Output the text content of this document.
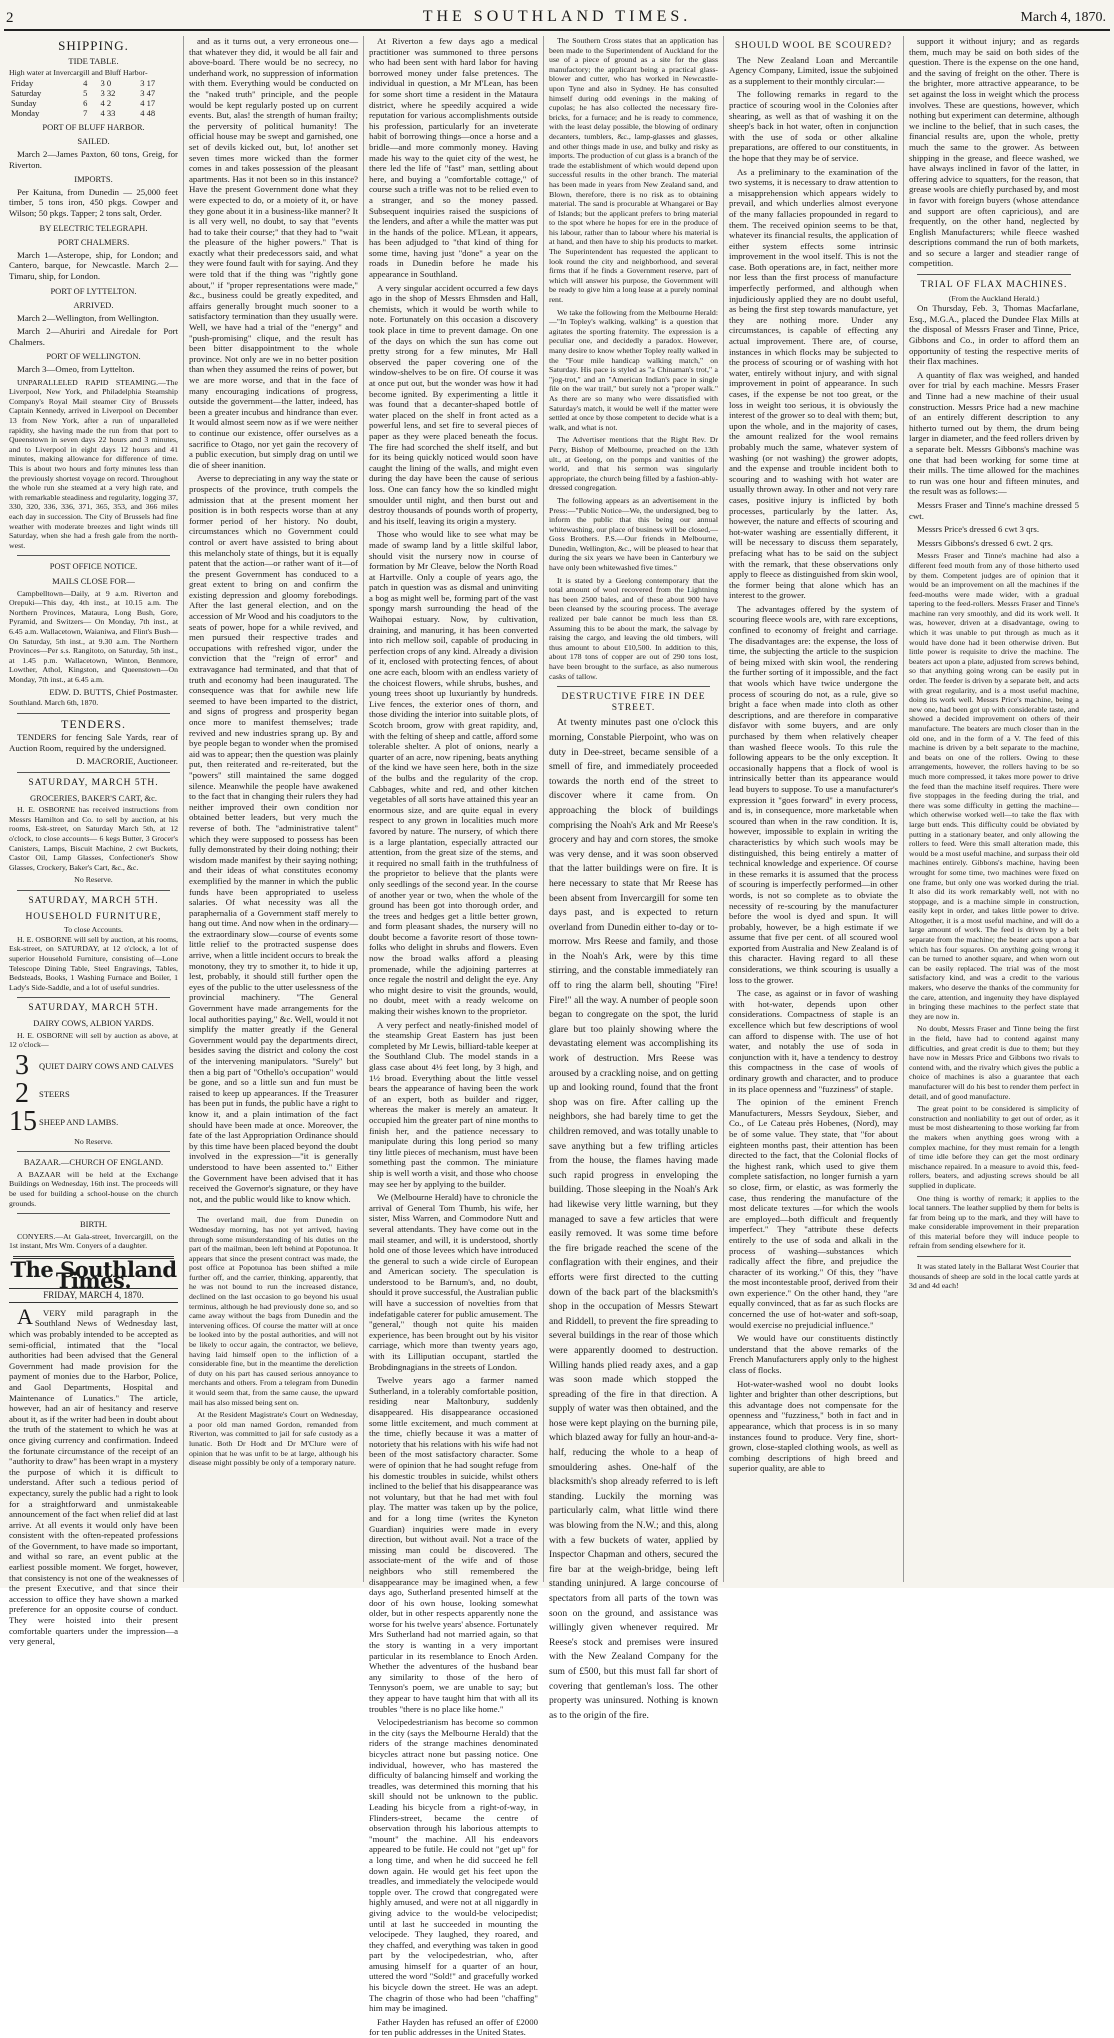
2	THE SOUTHLAND TIMES.	March 4, 1870.
SHIPPING.
TIDE TABLE.
High water at Invercargill and Bluff Harbor-
Friday	4	3 0	3 17
Saturday	5	3 32	3 47
Sunday	6	4 2	4 17
Monday	7	4 33	4 48
PORT OF BLUFF HARBOR.
SAILED.

March 2—James Paxton, 60 tons, Greig, for Riverton.

IMPORTS.

Per Kaituna, from Dunedin — 25,000 feet timber, 5 tons iron, 450 pkgs. Cowper and Wilson; 50 pkgs. Tapper; 2 tons salt, Order.

BY ELECTRIC TELEGRAPH.
PORT CHALMERS.

March 1—Asterope, ship, for London; and Cantero, barque, for Newcastle. March 2—Timaru, ship, for London.

PORT OF LYTTELTON.
ARRIVED.

March 2—Wellington, from Wellington.

March 2—Ahuriri and Airedale for Port Chalmers.

PORT OF WELLINGTON.

March 3—Omeo, from Lyttelton.

UNPARALLELED RAPID STEAMING.—The Liverpool, New York, and Philadelphia Steamship Company's Royal Mail steamer City of Brussels Captain Kennedy, arrived in Liverpool on December 13 from New York, after a run of unparalleled rapidity, she having made the run from that port to Queenstown in seven days 22 hours and 3 minutes, and to Liverpool in eight days 12 hours and 41 minutes, making allowance for difference of time. This is about two hours and forty minutes less than the previously shortest voyage on record. Throughout the whole run she steamed at a very high rate, and with remarkable steadiness and regularity, logging 37, 330, 320, 336, 336, 371, 365, 353, and 366 miles each day in succession. The City of Brussels had fine weather with moderate breezes and light winds till Saturday, when she had a fresh gale from the north-west.

POST OFFICE NOTICE.
MAILS CLOSE FOR—

Campbelltown—Daily, at 9 a.m. Riverton and Orepuki—This day, 4th inst., at 10.15 a.m. The Northern Provinces, Mataura, Long Bush, Gore, Pyramid, and Switzers— On Monday, 7th inst., at 6.45 a.m. Wallacetown, Waianiwa, and Flint's Bush—On Saturday, 5th inst., at 9.30 a.m. The Northern Provinces—Per s.s. Rangitoto, on Saturday, 5th inst., at 1.45 p.m. Wallacetown, Winton, Benmore, Lowther, Athol, Kingston, and Queenstown—On Monday, 7th inst., at 6.45 a.m.

EDW. D. BUTTS, Chief Postmaster.
Southland. March 6th, 1870.
TENDERS.

TENDERS for fencing Sale Yards, rear of Auction Room, required by the undersigned.

D. MACRORIE, Auctioneer.
SATURDAY, MARCH 5TH.
GROCERIES, BAKER'S CART, &c.

H. E. OSBORNE has received instructions from Messrs Hamilton and Co. to sell by auction, at his rooms, Esk-street, on Saturday March 5th, at 12 o'clock, to close accounts— 6 kegs Butter, 3 Grocer's Canisters, Lamps, Biscuit Machine, 2 cwt Buckets, Castor Oil, Lamp Glasses, Confectioner's Show Glasses, Crockery, Baker's Cart, &c., &c.

No Reserve.
SATURDAY, MARCH 5TH.
HOUSEHOLD FURNITURE,
To close Accounts.

H. E. OSBORNE will sell by auction, at his rooms, Esk-street, on SATURDAY, at 12 o'clock, a lot of superior Household Furniture, consisting of—Lone Telescope Dining Table, Steel Engravings, Tables, Bedsteads, Books, 1 Washing Furnace and Boiler, 1 Lady's Side-Saddle, and a lot of useful sundries.

SATURDAY, MARCH 5TH.
DAIRY COWS, ALBION YARDS.

H. E. OSBORNE will sell by auction as above, at 12 o'clock—

3	QUIET DAIRY COWS AND CALVES
2	STEERS
15 SHEEP AND LAMBS.
No Reserve.
BAZAAR.—CHURCH OF ENGLAND.

A BAZAAR will be held at the Exchange Buildings on Wednesday, 16th inst. The proceeds will be used for building a school-house on the church grounds.

BIRTH.

CONYERS.—At Gala-street, Invercargill, on the 1st instant, Mrs Wm. Conyers of a daughter.

The Southland Times.
FRIDAY, MARCH 4, 1870.

AVERY mild paragraph in the Southland News of Wednesday last, which was probably intended to be accepted as semi-official, intimated that the "local authorities had been advised that the General Government had made provision for the payment of monies due to the Harbor, Police, and Gaol Departments, Hospital and Maintenance of Lunatics." The article, however, had an air of hesitancy and reserve about it, as if the writer had been in doubt about the truth of the statement to which he was at once giving currency and confirmation. Indeed the fortunate circumstance of the receipt of an "authority to draw" has been wrapt in a mystery the purpose of which it is difficult to understand. After such a tedious period of expectancy, surely the public had a right to look for a straightforward and unmistakeable announcement of the fact when relief did at last arrive. At all events it would only have been consistent with the often-repeated professions of the Government, to have made so important, and withal so rare, an event public at the earliest possible moment. We forget, however, that consistency is not one of the weaknesses of the present Executive, and that since their accession to office they have shown a marked preference for an opposite course of conduct. They were hoisted into their present comfortable quarters under the impression—a very general,

and as it turns out, a very erroneous one—that whatever they did, it would be all fair and above-board. There would be no secrecy, no underhand work, no suppression of information with them. Everything would be conducted on the "naked truth" principle, and the people would be kept regularly posted up on current events. But, alas! the strength of human frailty; the perversity of political humanity! The official house may be swept and garnished, one set of devils kicked out, but, lo! another set seven times more wicked than the former comes in and takes possession of the pleasant apartments. Has it not been so in this instance? Have the present Government done what they were expected to do, or a moiety of it, or have they gone about it in a business-like manner? It is all very well, no doubt, to say that "events had to take their course;" that they had to "wait the pleasure of the higher powers." That is exactly what their predecessors said, and what they were found fault with for saying. And they were told that if the thing was "rightly gone about," if "proper representations were made," &c., business could be greatly expedited, and affairs generally brought much sooner to a satisfactory termination than they usually were. Well, we have had a trial of the "energy" and "push-promising" clique, and the result has been bitter disappointment to the whole province. Not only are we in no better position than when they assumed the reins of power, but we are more worse, and that in the face of many encouraging indications of progress, outside the government—the latter, indeed, has been a greater incubus and hindrance than ever. It would almost seem now as if we were neither to continue our existence, offer ourselves as a sacrifice to Otago, nor yet gain the recovery of a public execution, but simply drag on until we die of sheer inanition.

Averse to depreciating in any way the state or prospects of the province, truth compels the admission that at the present moment her position is in both respects worse than at any former period of her history. No doubt, circumstances which no Government could control or avert have assisted to bring about this melancholy state of things, but it is equally patent that the action—or rather want of it—of the present Government has conduced to a great extent to bring on and confirm the existing depression and gloomy forebodings. After the last general election, and on the accession of Mr Wood and his coadjutors to the seats of power, hope for a while revived, and men pursued their respective trades and occupations with refreshed vigor, under the conviction that the "reign of error" and extravagance had terminated, and that that of truth and economy had been inaugurated. The consequence was that for awhile new life seemed to have been imparted to the district, and signs of progress and prosperity began once more to manifest themselves; trade revived and new industries sprang up. By and bye people began to wonder when the promised aid was to appear; then the question was plainly put, then reiterated and re-reiterated, but the "powers" still maintained the same dogged silence. Meanwhile the people have awakened to the fact that in changing their rulers they had neither improved their own condition nor obtained better leaders, but very much the reverse of both. The "administrative talent" which they were supposed to possess has been fully demonstrated by their doing nothing; their wisdom made manifest by their saying nothing; and their ideas of what constitutes economy exemplified by the manner in which the public funds have been appropriated to useless salaries. Of what necessity was all the paraphernalia of a Government staff merely to hang out time. And now when in the ordinary—the extraordinary slow—course of events some little relief to the protracted suspense does arrive, when a little incident occurs to break the monotony, they try to smother it, to hide it up, lest, probably, it should still further open the eyes of the public to the utter uselessness of the provincial machinery. "The General Government have made arrangements for the local authorities paying," &c. Well, would it not simplify the matter greatly if the General Government would pay the departments direct, besides saving the district and colony the cost of the intervening manipulators. "Surely" but then a big part of "Othello's occupation" would be gone, and so a little sun and fun must be raised to keep up appearances. If the Treasurer has been put in funds, the public have a right to know it, and a plain intimation of the fact should have been made at once. Moreover, the fate of the last Appropriation Ordinance should by this time have been placed beyond the doubt involved in the expression—"it is generally understood to have been assented to." Either the Government have been advised that it has received the Governor's signature, or they have not, and the public would like to know which.

The overland mail, due from Dunedin on Wednesday morning, has not yet arrived, having through some misunderstanding of his duties on the part of the mailman, been left behind at Popotunoa. It appears that since the present contract was made, the post office at Popotunoa has been shifted a mile further off, and the carrier, thinking, apparently, that he was not bound to run the increased distance, declined on the last occasion to go beyond his usual terminus, although he had previously done so, and so came away without the bags from Dunedin and the intervening offices. Of course the matter will at once be looked into by the postal authorities, and will not be likely to occur again, the contractor, we believe, having laid himself open to the infliction of a considerable fine, but in the meantime the dereliction of duty on his part has caused serious annoyance to merchants and others. From a telegram from Dunedin it would seem that, from the same cause, the upward mail has also missed being sent on.

At the Resident Magistrate's Court on Wednesday, a poor old man named Gordon, remanded from Riverton, was committed to jail for safe custody as a lunatic. Both Dr Hodt and Dr M'Clure were of opinion that he was unfit to be at large, although his disease might possibly be only of a temporary nature.

At Riverton a few days ago a medical practitioner was summoned to three persons who had been sent with hard labor for having borrowed money under false pretences. The individual in question, a Mr M'Lean, has been for some short time a resident in the Mataura district, where he speedily acquired a wide reputation for various accomplishments outside his profession, particularly for an inveterate habit of borrowing things—once a horse and a bridle—and more commonly money. Having made his way to the quiet city of the west, he there led the life of "fast" man, settling about here, and buying a "comfortable cottage," of course such a trifle was not to be relied even to a stranger, and so the money passed. Subsequent inquiries raised the suspicions of the lenders, and after a while the matter was put in the hands of the police. M'Lean, it appears, has been adjudged to "that kind of thing for some time, having just "done" a year on the roads in Dunedin before he made his appearance in Southland.

A very singular accident occurred a few days ago in the shop of Messrs Ehmsden and Hall, chemists, which it would be worth while to note. Fortunately on this occasion a discovery took place in time to prevent damage. On one of the days on which the sun has come out pretty strong for a few minutes, Mr Hall observed the paper covering one of the window-shelves to be on fire. Of course it was at once put out, but the wonder was how it had become ignited. By experimenting a little it was found that a decanter-shaped bottle of water placed on the shelf in front acted as a powerful lens, and set fire to several pieces of paper as they were placed beneath the focus. The fire had scorched the shelf itself, and but for its being quickly noticed would soon have caught the lining of the walls, and might even during the day have been the cause of serious loss. One can fancy how the so kindled might smoulder until night, and then burst out and destroy thousands of pounds worth of property, and his itself, leaving its origin a mystery.

Those who would like to see what may be made of swamp land by a little skilful labor, should visit the nursery now in course of formation by Mr Cleave, below the North Road at Hartville. Only a couple of years ago, the patch in question was as dismal and uninviting a bog as might well be, forming part of the vast spongy marsh surrounding the head of the Waihopai estuary. Now, by cultivation, draining, and manuring, it has been converted into rich mellow soil, capable of producing in perfection crops of any kind. Already a division of it, enclosed with protecting fences, of about one acre each, bloom with an endless variety of the choicest flowers, while shrubs, bushes, and young trees shoot up luxuriantly by hundreds. Live fences, the exterior ones of thorn, and those dividing the interior into suitable plots, of Scotch broom, grow with great rapidity, and, with the felting of sheep and cattle, afford some tolerable shelter. A plot of onions, nearly a quarter of an acre, now ripening, beats anything of the kind we have seen here, both in the size of the bulbs and the regularity of the crop. Cabbages, white and red, and other kitchen vegetables of all sorts have attained this year an enormous size, and are quite equal in every respect to any grown in localities much more favored by nature. The nursery, of which there is a large plantation, especially attracted our attention, from the great size of the stems, and it required no small faith in the truthfulness of the proprietor to believe that the plants were only seedlings of the second year. In the course of another year or two, when the whole of the ground has been got into thorough order, and the trees and hedges get a little better grown, and form pleasant shades, the nursery will no doubt become a favorite resort of those town-folks who delight in shrubs and flowers. Even now the broad walks afford a pleasing promenade, while the adjoining parterres at once regale the nostril and delight the eye. Any who might desire to visit the grounds, would, no doubt, meet with a ready welcome on making their wishes known to the proprietor.

A very perfect and neatly-finished model of the steamship Great Eastern has just been completed by Mr Lewis, billiard-table keeper at the Southland Club. The model stands in a glass case about 4½ feet long, by 3 high, and 1½ broad. Everything about the little vessel bears the appearance of having been the work of an expert, both as builder and rigger, whereas the maker is merely an amateur. It occupied him the greater part of nine months to finish her, and the patience necessary to manipulate during this long period so many tiny little pieces of mechanism, must have been something past the common. The miniature ship is well worth a visit, and those who choose may see her by applying to the builder.

We (Melbourne Herald) have to chronicle the arrival of General Tom Thumb, his wife, her sister, Miss Warren, and Commodore Nutt and several attendants. They have come out in the mail steamer, and will, it is understood, shortly hold one of those levees which have introduced the general to such a wide circle of European and American society. The speculation is understood to be Barnum's, and, no doubt, should it prove successful, the Australian public will have a succession of novelties from that indefatigable caterer for public amusement. The "general," though not quite his maiden experience, has been brought out by his visitor carriage, which more than twenty years ago, with its Lilliputian occupant, startled the Brobdingnagians in the streets of London.

Twelve years ago a farmer named Sutherland, in a tolerably comfortable position, residing near Maltonbury, suddenly disappeared. His disappearance occasioned some little excitement, and much comment at the time, chiefly because it was a matter of notoriety that his relations with his wife had not been of the most satisfactory character. Some were of opinion that he had sought refuge from his domestic troubles in suicide, whilst others inclined to the belief that his disappearance was not voluntary, but that he had met with foul play. The matter was taken up by the police, and for a long time (writes the Kyneton Guardian) inquiries were made in every direction, but without avail. Not a trace of the missing man could be discovered. The associate-ment of the wife and of those neighbors who still remembered the disappearance may be imagined when, a few days ago, Sutherland presented himself at the door of his own house, looking somewhat older, but in other respects apparently none the worse for his twelve years' absence. Fortunately Mrs Sutherland had not married again, so that the story is wanting in a very important particular in its resemblance to Enoch Arden. Whether the adventures of the husband bear any similarity to those of the hero of Tennyson's poem, we are unable to say; but they appear to have taught him that with all its troubles "there is no place like home."

Velocipedestrianism has become so common in the city (says the Melbourne Herald) that the riders of the strange machines denominated bicycles attract none but passing notice. One individual, however, who has mastered the difficulty of balancing himself and working the treadles, was determined this morning that his skill should not be unknown to the public. Leading his bicycle from a right-of-way, in Flinders-street, became the centre of observation through his laborious attempts to "mount" the machine. All his endeavors appeared to be futile. He could not "get up" for a long time, and when he did succeed he fell down again. He would get his feet upon the treadles, and immediately the velocipede would topple over. The crowd that congregated were highly amused, and were not at all niggardly in giving advice to the would-be velocipedist; until at last he succeeded in mounting the velocipede. They laughed, they roared, and they chaffed, and everything was taken in good part by the velocipedestrian, who, after amusing himself for a quarter of an hour, uttered the word "Sold!" and gracefully worked his bicycle down the street. He was an adept. The chagrin of those who had been "chaffing" him may be imagined.

Father Hayden has refused an offer of £2000 for ten public addresses in the United States.

The Southern Cross states that an application has been made to the Superintendent of Auckland for the use of a piece of ground as a site for the glass manufactory; the applicant being a practical glass-blower and cutter, who has worked in Newcastle-upon Tyne and also in Sydney. He has consulted himself during odd evenings in the making of cupolas; he has also collected the necessary fire-bricks, for a furnace; and he is ready to commence, with the least delay possible, the blowing of ordinary decanters, tumblers, &c., lamp-glasses and glasses, and other things made in use, and bulky and risky as imports. The production of cut glass is a branch of the trade the establishment of which would depend upon successful results in the other branch. The material has been made in years from New Zealand sand, and Blown, therefore, there is no risk as to obtaining material. The sand is procurable at Whangarei or Bay of Islands; but the applicant prefers to bring material to the spot where he hopes for ere in the produce of his labour, rather than to labour where his material is at hand, and then have to ship his products to market. The Superintendent has requested the applicant to look round the city and neighborhood, and several firms that if he finds a Government reserve, part of which will answer his purpose, the Government will be ready to give him a long lease at a purely nominal rent.

We take the following from the Melbourne Herald:—"In Topley's walking, walking" is a question that agitates the sporting fraternity. The expression is a peculiar one, and decidedly a paradox. However, many desire to know whether Topley really walked in the "Four mile handicap walking match," on Saturday. His pace is styled as "a Chinaman's trot," a "jog-trot," and an "American Indian's pace in single file on the war trail," but surely not a "proper walk." As there are so many who were dissatisfied with Saturday's match, it would be well if the matter were settled at once by those competent to decide what is a walk, and what is not.

The Advertiser mentions that the Right Rev. Dr Perry, Bishop of Melbourne, preached on the 13th ult., at Geelong, on the pomps and vanities of the world, and that his sermon was singularly appropriate, the church being filled by a fashion-ably-dressed congregation.

The following appears as an advertisement in the Press:—"Public Notice—We, the undersigned, beg to inform the public that this being our annual whitewashing, our place of business will be closed,—Goss Brothers. P.S.—Our friends in Melbourne, Dunedin, Wellington, &c., will be pleased to hear that during the six years we have been in Canterbury we have only been whitewashed five times."

It is stated by a Geelong contemporary that the total amount of wool recovered from the Lightning has been 2500 bales, and of these about 900 have been cleansed by the scouring process. The average realized per bale cannot be much less than £8. Assuming this to be about the mark, the salvage by raising the cargo, and leaving the old timbers, will thus amount to about £10,500. In addition to this, about 178 tons of copper are out of 290 tons lost, have been brought to the surface, as also numerous casks of tallow.

DESTRUCTIVE FIRE IN DEE STREET.

At twenty minutes past one o'clock this morning, Constable Pierpoint, who was on duty in Dee-street, became sensible of a smell of fire, and immediately proceeded towards the north end of the street to discover where it came from. On approaching the block of buildings comprising the Noah's Ark and Mr Reese's grocery and hay and corn stores, the smoke was very dense, and it was soon observed that the latter buildings were on fire. It is here necessary to state that Mr Reese has been absent from Invercargill for some ten days past, and is expected to return overland from Dunedin either to-day or to-morrow. Mrs Reese and family, and those in the Noah's Ark, were by this time stirring, and the constable immediately ran off to ring the alarm bell, shouting "Fire! Fire!" all the way. A number of people soon began to congregate on the spot, the lurid glare but too plainly showing where the devastating element was accomplishing its work of destruction. Mrs Reese was aroused by a crackling noise, and on getting up and looking round, found that the front shop was on fire. After calling up the neighbors, she had barely time to get the children removed, and was totally unable to save anything but a few trifling articles from the house, the flames having made such rapid progress in enveloping the building. Those sleeping in the Noah's Ark had likewise very little warning, but they managed to save a few articles that were easily removed. It was some time before the fire brigade reached the scene of the conflagration with their engines, and their efforts were first directed to the cutting down of the back part of the blacksmith's shop in the occupation of Messrs Stewart and Riddell, to prevent the fire spreading to several buildings in the rear of those which were apparently doomed to destruction. Willing hands plied ready axes, and a gap was soon made which stopped the spreading of the fire in that direction. A supply of water was then obtained, and the hose were kept playing on the burning pile, which blazed away for fully an hour-and-a-half, reducing the whole to a heap of smouldering ashes. One-half of the blacksmith's shop already referred to is left standing. Luckily the morning was particularly calm, what little wind there was blowing from the N.W.; and this, along with a few buckets of water, applied by Inspector Chapman and others, secured the fire bar at the weigh-bridge, being left standing uninjured. A large concourse of spectators from all parts of the town was soon on the ground, and assistance was willingly given whenever required. Mr Reese's stock and premises were insured with the New Zealand Company for the sum of £500, but this must fall far short of covering that gentleman's loss. The other property was uninsured. Nothing is known as to the origin of the fire.

SHOULD WOOL BE SCOURED?

The New Zealand Loan and Mercantile Agency Company, Limited, issue the subjoined as a supplement to their monthly circular:—

The following remarks in regard to the practice of scouring wool in the Colonies after shearing, as well as that of washing it on the sheep's back in hot water, often in conjunction with the use of soda or other alkaline preparations, are offered to our constituents, in the hope that they may be of service.

As a preliminary to the examination of the two systems, it is necessary to draw attention to a misapprehension which appears widely to prevail, and which underlies almost everyone of the many fallacies propounded in regard to them. The received opinion seems to be that, whatever its financial results, the application of either system effects some intrinsic improvement in the wool itself. This is not the case. Both operations are, in fact, neither more nor less than the first process of manufacture imperfectly performed, and although when injudiciously applied they are no doubt useful, as being the first step towards manufacture, yet they are nothing more. Under any circumstances, is capable of effecting any actual improvement. There are, of course, instances in which flocks may be subjected to the process of scouring or of washing with hot water, entirely without injury, and with signal improvement in point of appearance. In such cases, if the expense be not too great, or the loss in weight too serious, it is obviously the interest of the grower so to deal with them; but, upon the whole, and in the majority of cases, the amount realized for the wool remains probably much the same, whatever system of washing (or not washing) the grower adopts, and the expense and trouble incident both to scouring and to washing with hot water are usually thrown away. In other and not very rare cases, positive injury is inflicted by both processes, particularly by the latter. As, however, the nature and effects of scouring and hot-water washing are essentially different, it will be necessary to discuss them separately, prefacing what has to be said on the subject with the remark, that these observations only apply to fleece as distinguished from skin wool, the former being that alone which has an interest to the grower.

The advantages offered by the system of scouring fleece wools are, with rare exceptions, confined to economy of freight and carriage. The disadvantages are: the expense, the loss of time, the subjecting the article to the suspicion of being mixed with skin wool, the rendering the further sorting of it impossible, and the fact that wools which have twice undergone the process of scouring do not, as a rule, give so bright a face when made into cloth as other descriptions, and are therefore in comparative disfavor with some buyers, and are only purchased by them when relatively cheaper than washed fleece wools. To this rule the following appears to be the only exception. It occasionally happens that a flock of wool is intrinsically better than its appearance would lead buyers to suppose. To use a manufacturer's expression it "goes forward" in every process, and is, in consequence, more marketable when scoured than when in the raw condition. It is, however, impossible to explain in writing the characteristics by which such wools may be distinguished, this being entirely a matter of technical knowledge and experience. Of course in these remarks it is assumed that the process of scouring is imperfectly performed—in other words, is not so complete as to obviate the necessity of re-scouring by the manufacturer before the wool is dyed and spun. It will probably, however, be a high estimate if we assume that five per cent. of all scoured wool exported from Australia and New Zealand is of this character. Having regard to all these considerations, we think scouring is usually a loss to the grower.

The case, as against or in favor of washing with hot-water, depends upon other considerations. Compactness of staple is an excellence which but few descriptions of wool can afford to dispense with. The use of hot water, and notably the use of soda in conjunction with it, have a tendency to destroy this compactness in the case of wools of ordinary growth and character, and to produce in its place openness and "fuzziness" of staple.

The opinion of the eminent French Manufacturers, Messrs Seydoux, Sieber, and Co., of Le Cateau près Hobenes, (Nord), may be of some value. They state, that "for about eighteen months past, their attention has been directed to the fact, that the Colonial flocks of the highest rank, which used to give them complete satisfaction, no longer furnish a yarn so close, firm, or elastic, as was formerly the case, thus rendering the manufacture of the most delicate textures —for which the wools are employed—both difficult and frequently imperfect." They "attribute these defects entirely to the use of soda and alkali in the process of washing—substances which radically affect the fibre, and prejudice the character of its working." Of this, they "have the most incontestable proof, derived from their own experience." On the other hand, they "are equally convinced, that as far as such flocks are concerned the use of hot-water and soft-soap, would exercise no prejudicial influence."

We would have our constituents distinctly understand that the above remarks of the French Manufacturers apply only to the highest class of flocks.

Hot-water-washed wool no doubt looks lighter and brighter than other descriptions, but this advantage does not compensate for the openness and "fuzziness," both in fact and in appearance, which that process is in so many instances found to produce. Very fine, short-grown, close-stapled clothing wools, as well as combing descriptions of high breed and superior quality, are able to

support it without injury; and as regards them, much may be said on both sides of the question. There is the expense on the one hand, and the saving of freight on the other. There is the brighter, more attractive appearance, to be set against the loss in weight which the process involves. These are questions, however, which nothing but experiment can determine, although we incline to the belief, that in such cases, the financial results are, upon the whole, pretty much the same to the grower. As between shipping in the grease, and fleece washed, we have always inclined in favor of the latter, in offering advice to squatters, for the reason, that grease wools are chiefly purchased by, and most in favor with foreign buyers (whose attendance and support are often capricious), and are frequently, on the other hand, neglected by English Manufacturers; while fleece washed descriptions command the run of both markets, and so secure a larger and steadier range of competition.

TRIAL OF FLAX MACHINES.
(From the Auckland Herald.)

On Thursday, Feb. 3, Thomas Macfarlane, Esq., M.G.A., placed the Dundee Flax Mills at the disposal of Messrs Fraser and Tinne, Price, Gibbons and Co., in order to afford them an opportunity of testing the respective merits of their flax machines.

A quantity of flax was weighed, and handed over for trial by each machine. Messrs Fraser and Tinne had a new machine of their usual construction. Messrs Price had a new machine of an entirely different description to any hitherto turned out by them, the drum being larger in diameter, and the feed rollers driven by a separate belt. Messrs Gibbons's machine was one that had been working for some time at their mills. The time allowed for the machines to run was one hour and fifteen minutes, and the result was as follows:—

Messrs Fraser and Tinne's machine dressed 5 cwt.

Messrs Price's dressed 6 cwt 3 qrs.

Messrs Gibbons's dressed 6 cwt. 2 qrs.

Messrs Fraser and Tinne's machine had also a different feed mouth from any of those hitherto used by them. Competent judges are of opinion that it would be an improvement on all the machines if the feed-mouths were made wider, with a gradual tapering to the feed-rollers. Messrs Fraser and Tinne's machine ran very smoothly, and did its work well. It was, however, driven at a disadvantage, owing to which it was unable to put through as much as it would have done had it been otherwise driven. But little power is requisite to drive the machine. The beaters act upon a plate, adjusted from screws behind, so that anything going wrong can be easily put in order. The feeder is driven by a separate belt, and acts with great regularity, and is a most useful machine, doing its work well. Messrs Price's machine, being a new one, had been got up with considerable taste, and showed a decided improvement on others of their manufacture. The beaters are much closer than in the old one, and in the form of a V. The feed of this machine is driven by a belt separate to the machine, and beats on one of the rollers. Owing to these arrangements, however, the rollers having to be so much more compressed, it takes more power to drive the feed than the machine itself requires. There were five stoppages in the feeding during the trial, and there was some difficulty in getting the machine—which otherwise worked well—to take the flax with large butt ends. This difficulty could be obviated by putting in a stationary beater, and only allowing the rollers to feed. Were this small alteration made, this would be a most useful machine, and surpass their old machines entirely. Gibbons's machine, having been wrought for some time, two machines were fixed on one frame, but only one was worked during the trial. It also did its work remarkably well, not with no stoppage, and is a machine simple in construction, easily kept in order, and takes little power to drive. Altogether, it is a most useful machine, and will do a large amount of work. The feed is driven by a belt separate from the machine; the beater acts upon a bar which has four squares. On anything going wrong it can be turned to another square, and when worn out can be easily replaced. The trial was of the most satisfactory kind, and was a credit to the various makers, who deserve the thanks of the community for the care, attention, and ingenuity they have displayed in bringing these machines to the perfect state that they are now in.

No doubt, Messrs Fraser and Tinne being the first in the field, have had to contend against many difficulties, and great credit is due to them; but they have now in Messrs Price and Gibbons two rivals to contend with, and the rivalry which gives the public a choice of machines is also a guarantee that each manufacturer will do his best to render them perfect in detail, and of good manufacture.

The great point to be considered is simplicity of construction and nonliability to get out of order, as it must be most disheartening to those working far from the makers when anything goes wrong with a complex machine, for they must remain for a length of time idle before they can get the most ordinary mischance repaired. In a measure to avoid this, feed-rollers, beaters, and adjusting screws should be all supplied in duplicate.

One thing is worthy of remark; it applies to the local tanners. The leather supplied by them for belts is far from being up to the mark, and they will have to make considerable improvement in their preparation of this material before they will induce people to refrain from sending elsewhere for it.

It was stated lately in the Ballarat West Courier that thousands of sheep are sold in the local cattle yards at 3d and 4d each!
